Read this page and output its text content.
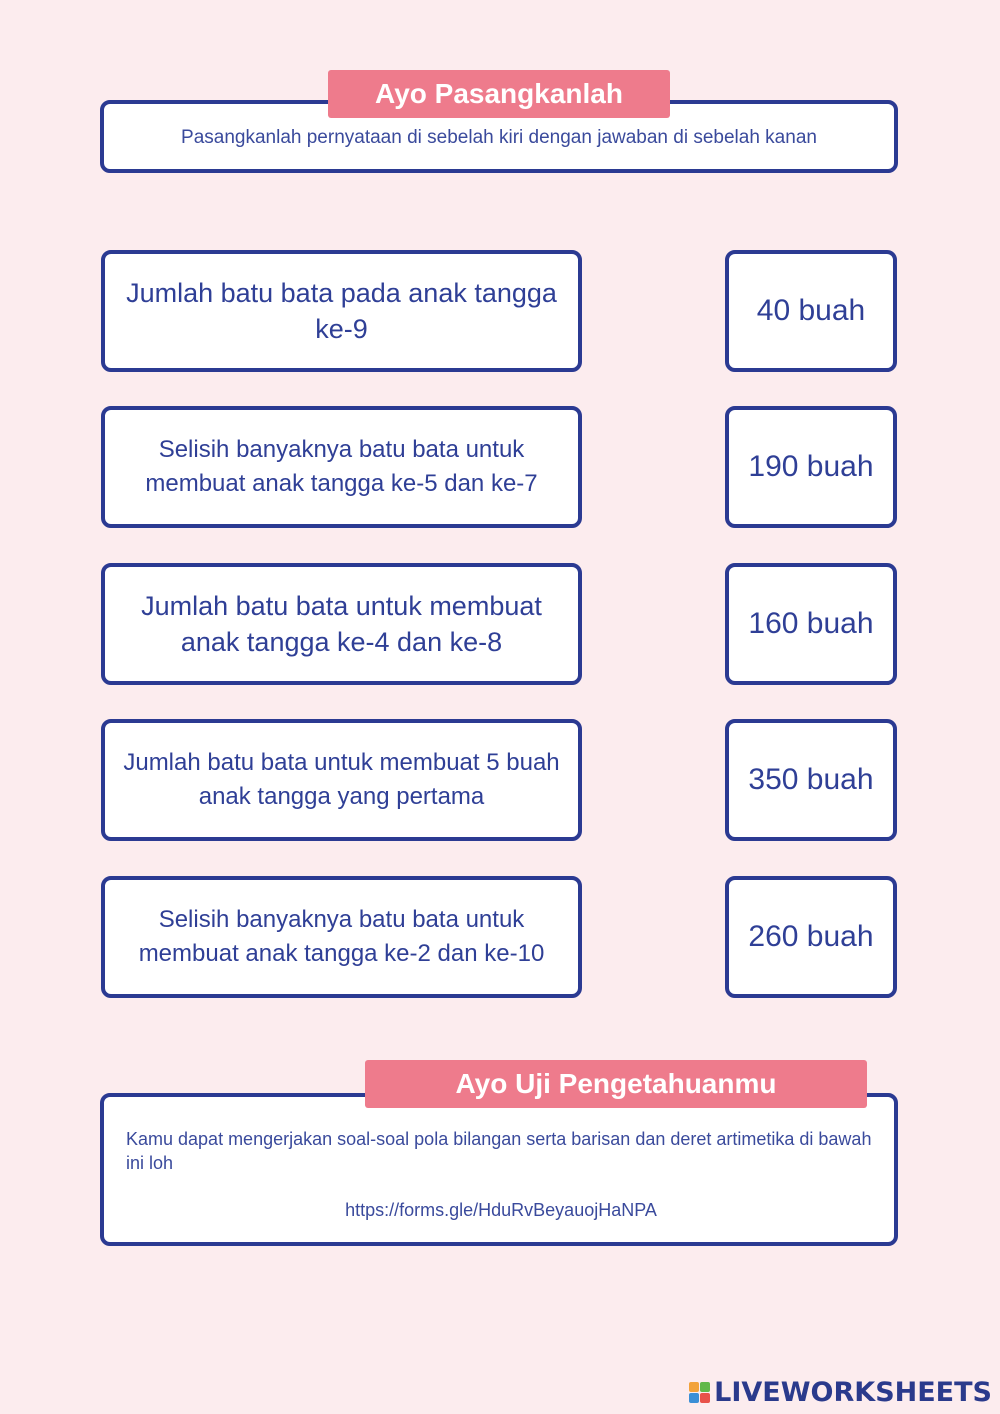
Pasangkanlah pernyataan di sebelah kiri dengan jawaban di sebelah kanan
Ayo Pasangkanlah
Jumlah batu bata pada anak tangga ke-9
Selisih banyaknya batu bata untuk membuat anak tangga ke-5 dan ke-7
Jumlah batu bata untuk membuat anak tangga ke-4 dan ke-8
Jumlah batu bata untuk membuat 5 buah anak tangga yang pertama
Selisih banyaknya batu bata untuk membuat anak tangga ke-2 dan ke-10
40 buah
190 buah
160 buah
350 buah
260 buah
Kamu dapat mengerjakan soal-soal pola bilangan serta barisan dan deret artimetika di bawah ini loh
https://forms.gle/HduRvBeyauojHaNPA
Ayo Uji Pengetahuanmu
LIVEWORKSHEETS
